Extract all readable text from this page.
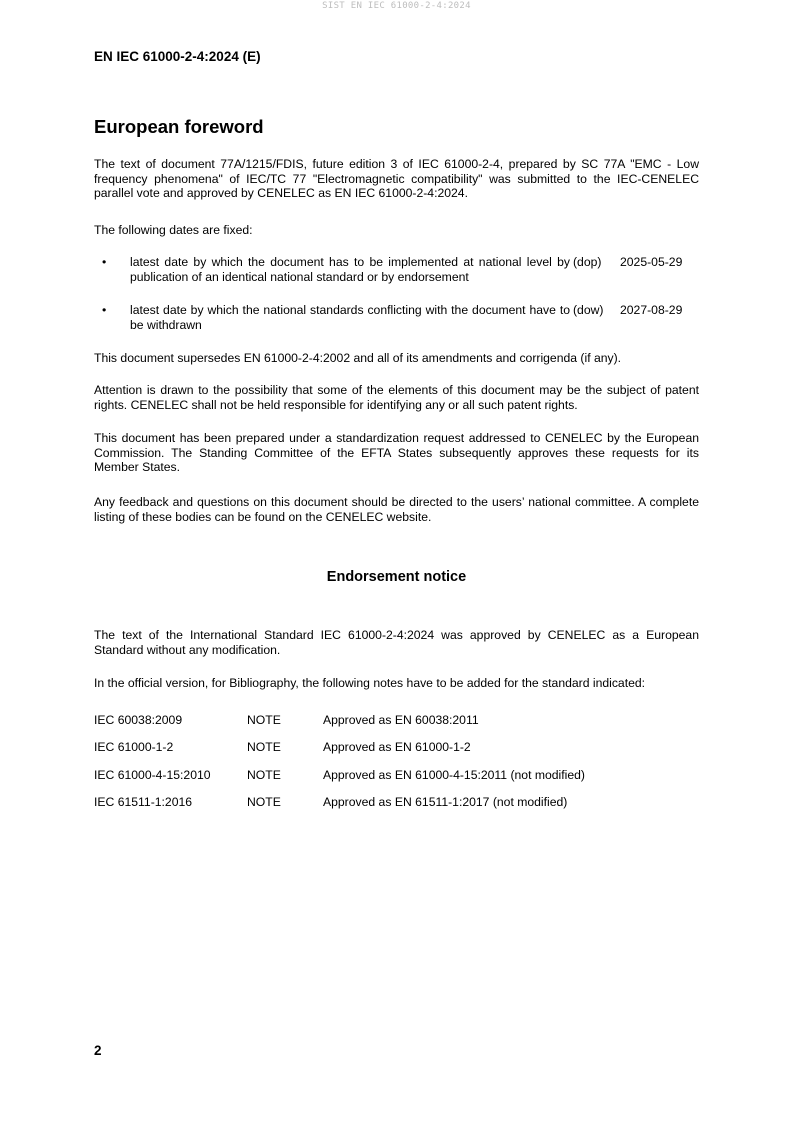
SIST EN IEC 61000-2-4:2024
EN IEC 61000-2-4:2024 (E)
European foreword

The text of document 77A/1215/FDIS, future edition 3 of IEC 61000-2-4, prepared by SC 77A "EMC - Low frequency phenomena" of IEC/TC 77 "Electromagnetic compatibility" was submitted to the IEC-CENELEC parallel vote and approved by CENELEC as EN IEC 61000-2-4:2024.

The following dates are fixed:

• latest date by which the document has to be implemented at national level by publication of an identical national standard or by endorsement
(dop) 2025-05-29
• latest date by which the national standards conflicting with the document have to be withdrawn
(dow) 2027-08-29

This document supersedes EN 61000-2-4:2002 and all of its amendments and corrigenda (if any).

Attention is drawn to the possibility that some of the elements of this document may be the subject of patent rights. CENELEC shall not be held responsible for identifying any or all such patent rights.

This document has been prepared under a standardization request addressed to CENELEC by the European Commission. The Standing Committee of the EFTA States subsequently approves these requests for its Member States.

Any feedback and questions on this document should be directed to the users’ national committee. A complete listing of these bodies can be found on the CENELEC website.

Endorsement notice

The text of the International Standard IEC 61000-2-4:2024 was approved by CENELEC as a European Standard without any modification.

In the official version, for Bibliography, the following notes have to be added for the standard indicated:

IEC 60038:2009	NOTE	Approved as EN 60038:2011
IEC 61000-1-2	NOTE	Approved as EN 61000-1-2
IEC 61000-4-15:2010	NOTE	Approved as EN 61000-4-15:2011 (not modified)
IEC 61511-1:2016	NOTE	Approved as EN 61511-1:2017 (not modified)
2
